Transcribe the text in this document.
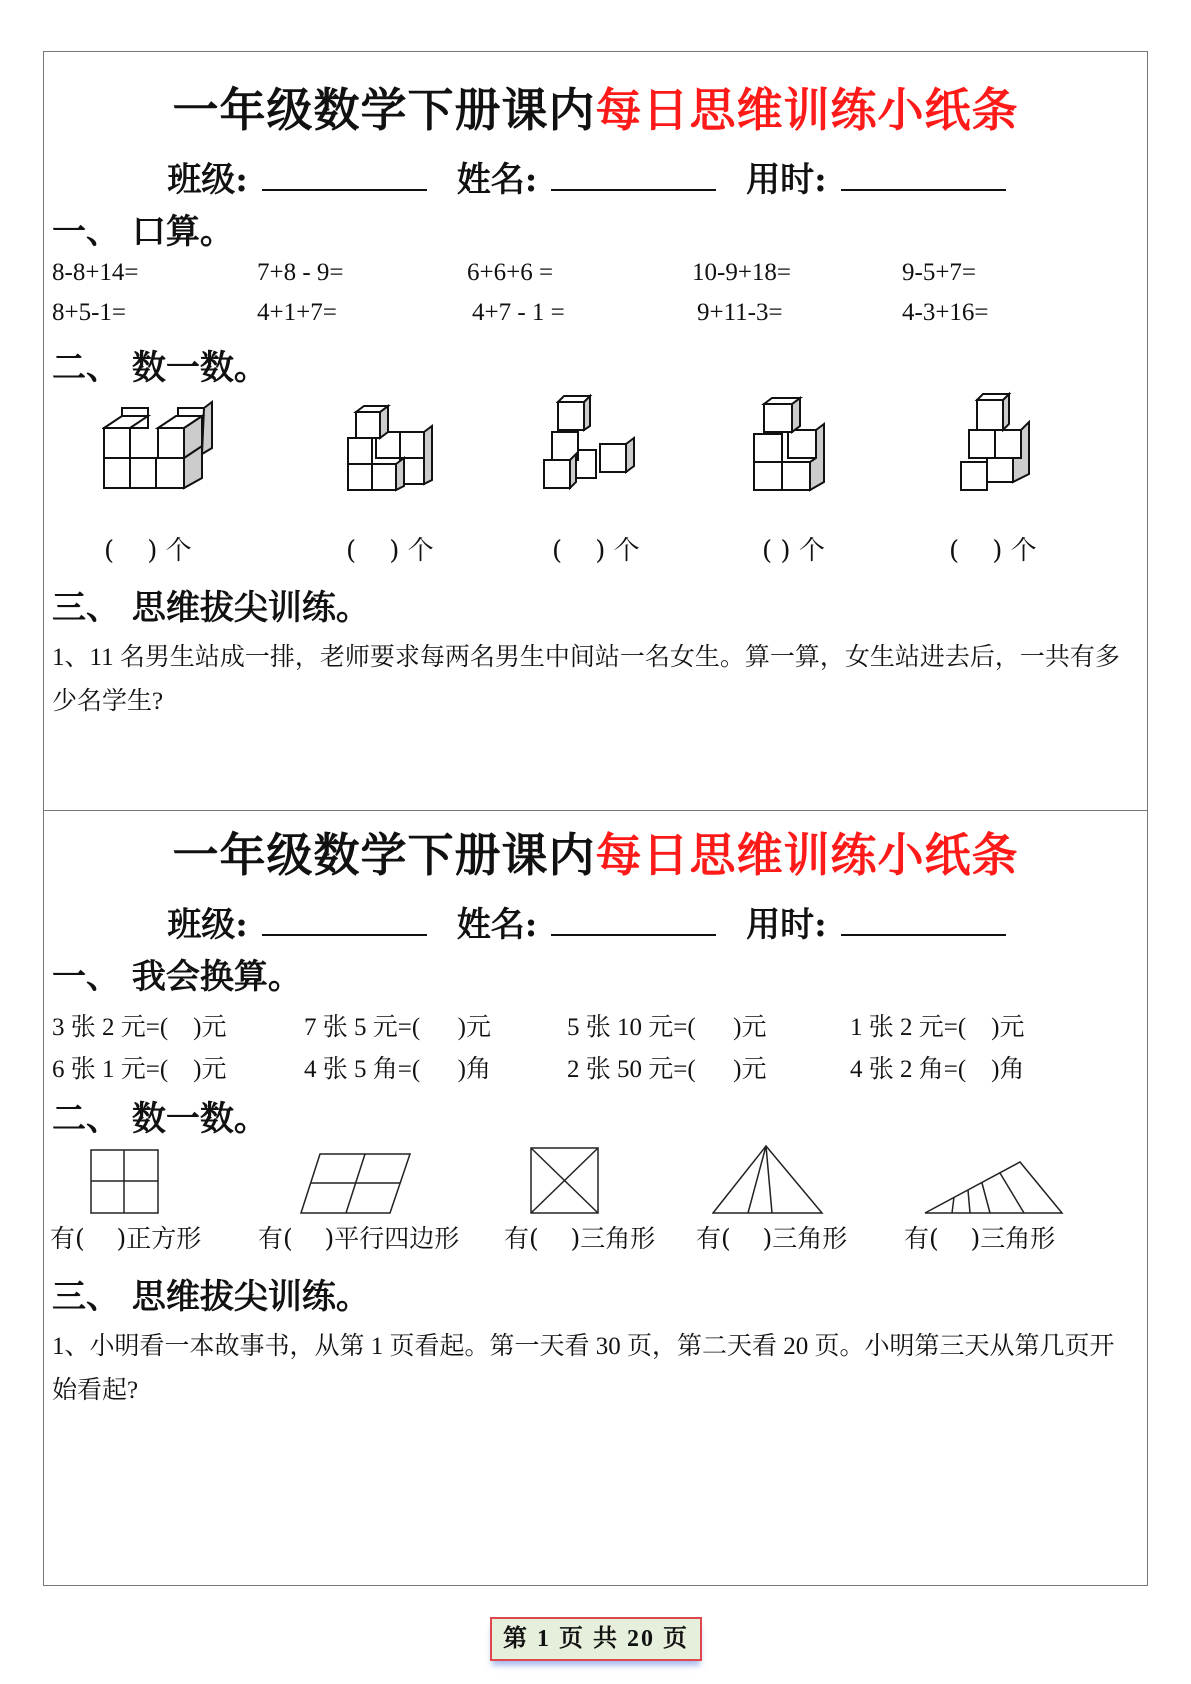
一年级数学下册课内每日思维训练小纸条
班级:	姓名:	用时:
一、 口算。
8-8+14=	7+8 - 9=	6+6+6 =	10-9+18=	9-5+7=
8+5-1=	4+1+7=	4+7 - 1 =	9+11-3=	4-3+16=
二、 数一数。
(    ) 个	(    ) 个	(    ) 个	( ) 个	(    ) 个
三、 思维拔尖训练。
1、11 名男生站成一排，老师要求每两名男生中间站一名女生。算一算，女生站进去后，一共有多少名学生?
一年级数学下册课内每日思维训练小纸条
班级:	姓名:	用时:
一、 我会换算。
3 张 2 元=(    )元	7 张 5 元=(      )元	5 张 10 元=(      )元	1 张 2 元=(    )元
6 张 1 元=(    )元	4 张 5 角=(      )角	2 张 50 元=(      )元	4 张 2 角=(    )角
二、 数一数。
有(    )正方形 有(    )平行四边形 有(    )三角形 有(    )三角形 有(    )三角形
三、 思维拔尖训练。
1、小明看一本故事书，从第 1 页看起。第一天看 30 页，第二天看 20 页。小明第三天从第几页开始看起?
第 1 页 共 20 页
